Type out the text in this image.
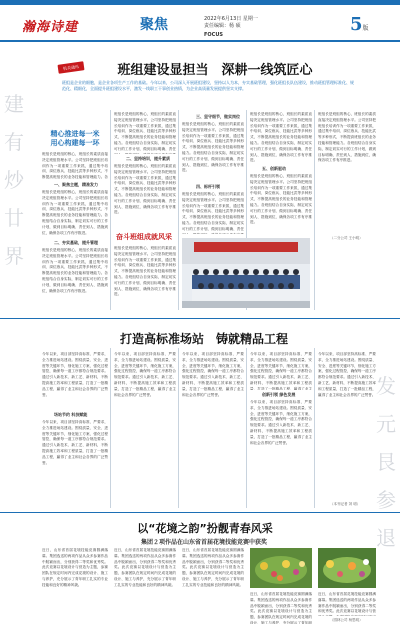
瀚海诗建	聚焦	2022年6月13日 星期一
责任编辑：杨 硕
FOCUS	5版
建
有
炒
廿
界
发
元
艮
参
退
机关通讯	班组建设显担当　深耕一线筑匠心
班组是企业的细胞，是企业各项生产工作的基础。今年以来，公司深入开展班组建设，坚持以人为本，夯实基础管理，强化班组长队伍建设，推动班组管理标准化、规范化、精细化，全面提升班组建设水平，激发一线职工干事创业热情，为企业高质量发展提供坚实支撑。
精心推进每一米
用心构建每一环
班组长是班组的核心，班组长的素质直接决定班组管理水平。公司坚持把班组长培训作为一项重要工作来抓，通过集中培训、岗位练兵、技能比武等多种形式，不断提高班组长的业务技能和管理能力。各
一、聚焦主题，精准发力
班组长是班组的核心，班组长的素质直接决定班组管理水平。公司坚持把班组长培训作为一项重要工作来抓，通过集中培训、岗位练兵、技能比武等多种形式，不断提高班组长的业务技能和管理能力。各班组结合自身实际，制定切实可行的工作计划，做到目标明确、责任到人、措施到位，确保各项工作有序推进。
二、夯实基础，提升管理
班组长是班组的核心，班组长的素质直接决定班组管理水平。公司坚持把班组长培训作为一项重要工作来抓，通过集中培训、岗位练兵、技能比武等多种形式，不断提高班组长的业务技能和管理能力。各班组结合自身实际，制定切实可行的工作计划，做到目标明确、责任到人、措施到位，确保各项工作有序推进。
班组长是班组的核心，班组长的素质直接决定班组管理水平。公司坚持把班组长培训作为一项重要工作来抓，通过集中培训、岗位练兵、技能比武等多种形式，不断提高班组长的业务技能和管理能力。各班组结合自身实际，制定切实可行的工作计划，做到目标明确、责任
二、坚持培训，提升素质
班组长是班组的核心，班组长的素质直接决定班组管理水平。公司坚持把班组长培训作为一项重要工作来抓，通过集中培训、岗位练兵、技能比武等多种形式，不断提高班组长的业务技能和管理能力。各班组结合自身实际，制定切实可行的工作计划，做到目标明确、责任到人、措施到位，确保各项工作有序推进。
奋斗班组成就风采
班组长是班组的核心，班组长的素质直接决定班组管理水平。公司坚持把班组长培训作为一项重要工作来抓，通过集中培训、岗位练兵、技能比武等多种形式，不断提高班组长的业务技能和管理能力。各班组结合自身实际，制定切实可行的工作计划，做到目标明确、责任到人、措施到位，确保各项工作有序推进。
三、坚守细节，做实岗位
班组长是班组的核心，班组长的素质直接决定班组管理水平。公司坚持把班组长培训作为一项重要工作来抓，通过集中培训、岗位练兵、技能比武等多种形式，不断提高班组长的业务技能和管理能力。各班组结合自身实际，制定切实可行的工作计划，做到目标明确、责任到人、措施到位，确保各项工作有序推进。
四、标杆引领
班组长是班组的核心，班组长的素质直接决定班组管理水平。公司坚持把班组长培训作为一项重要工作来抓，通过集中培训、岗位练兵、技能比武等多种形式，不断提高班组长的业务技能和管理能力。各班组结合自身实际，制定切实可行的工作计划，做到目标明确、责任
班组长是班组的核心，班组长的素质直接决定班组管理水平。公司坚持把班组长培训作为一项重要工作来抓，通过集中培训、岗位练兵、技能比武等多种形式，不断提高班组长的业务技能和管理能力。各班组结合自身实际，制定切实可行的工作计划，做到目标明确、责任到人、措施到位，确保各项工作有序推进。
五、创新驱动
班组长是班组的核心，班组长的素质直接决定班组管理水平。公司坚持把班组长培训作为一项重要工作来抓，通过集中培训、岗位练兵、技能比武等多种形式，不断提高班组长的业务技能和管理能力。各班组结合自身实际，制定切实可行的工作计划，做到目标明确、责任到人、措施到位，确保各项工作有序推进。
班组长是班组的核心，班组长的素质直接决定班组管理水平。公司坚持把班组长培训作为一项重要工作来抓，通过集中培训、岗位练兵、技能比武等多种形式，不断提高班组长的业务技能和管理能力。各班组结合自身实际，制定切实可行的工作计划，做到目标明确、责任到人、措施到位，确保各项工作有序推进。
（二分公司 王小明）
打造高标准场站　铸就精品工程
今年以来，项目部坚持高标准、严要求，全力推进场站建设。围绕质量、安全、进度等关键环节，细化施工方案，强化过程管控，确保每一道工序都符合规范要求。通过引入新技术、新工艺、新材料，不断提高施工效率和工程质量，打造了一批精品工程，赢得了业主和社会各界的广泛赞誉。
场站节约 科技赋能
今年以来，项目部坚持高标准、严要求，全力推进场站建设。围绕质量、安全、进度等关键环节，细化施工方案，强化过程管控，确保每一道工序都符合规范要求。通过引入新技术、新工艺、新材料，不断提高施工效率和工程质量，打造了一批精品工程，赢得了业主和社会各界的广泛赞誉。
今年以来，项目部坚持高标准、严要求，全力推进场站建设。围绕质量、安全、进度等关键环节，细化施工方案，强化过程管控，确保每一道工序都符合规范要求。通过引入新技术、新工艺、新材料，不断提高施工效率和工程质量，打造了一批精品工程，赢得了业主和社会各界的广泛赞誉。
今年以来，项目部坚持高标准、严要求，全力推进场站建设。围绕质量、安全、进度等关键环节，细化施工方案，强化过程管控，确保每一道工序都符合规范要求。通过引入新技术、新工艺、新材料，不断提高施工效率和工程质量，打造了一批精品工程，赢得了业主和社会各界的广泛赞誉。
今年以来，项目部坚持高标准、严要求，全力推进场站建设。围绕质量、安全、进度等关键环节，细化施工方案，强化过程管控，确保每一道工序都符合规范要求。通过引入新技术、新工艺、新材料，不断提高施工效率和工程质量，打造了一批精品工程，赢得了业主
创新引领 绿色发展
今年以来，项目部坚持高标准、严要求，全力推进场站建设。围绕质量、安全、进度等关键环节，细化施工方案，强化过程管控，确保每一道工序都符合规范要求。通过引入新技术、新工艺、新材料，不断提高施工效率和工程质量，打造了一批精品工程，赢得了业主和社会各界的广泛赞誉。
今年以来，项目部坚持高标准、严要求，全力推进场站建设。围绕质量、安全、进度等关键环节，细化施工方案，强化过程管控，确保每一道工序都符合规范要求。通过引入新技术、新工艺、新材料，不断提高施工效率和工程质量，打造了一批精品工程，赢得了业主和社会各界的广泛赞誉。
（本刊记者 刘 明）
以“花境之韵”扮靓青春风采
集团２项作品在山东省首届花境技能竞赛中获奖
近日，山东省首届花境技能竞赛圆满落幕。集团选送的两项作品从众多参赛作品中脱颖而出，分别获得二等奖和优秀奖。此次竞赛以花境设计与营造为主题，参赛团队在规定时间内完成花境的设计、施工与养护，充分展示了青年职工扎实的专业技能和良好的精神风貌。
近日，山东省首届花境技能竞赛圆满落幕。集团选送的两项作品从众多参赛作品中脱颖而出，分别获得二等奖和优秀奖。此次竞赛以花境设计与营造为主题，参赛团队在规定时间内完成花境的设计、施工与养护，充分展示了青年职工扎实的专业技能和良好的精神风貌。
近日，山东省首届花境技能竞赛圆满落幕。集团选送的两项作品从众多参赛作品中脱颖而出，分别获得二等奖和优秀奖。此次竞赛以花境设计与营造为主题，参赛团队在规定时间内完成花境的设计、施工与养护，充分展示了青年职工扎实的专业技能和良好的精神风貌。
近日，山东省首届花境技能竞赛圆满落幕。集团选送的两项作品从众多参赛作品中脱颖而出，分别获得二等奖和优秀奖。此次竞赛以花境设计与营造为主题，参赛团队在规定时间内完成花境的设计、施工与养护，充分展示了青年职
近日，山东省首届花境技能竞赛圆满落幕。集团选送的两项作品从众多参赛作品中脱颖而出，分别获得二等奖和优秀奖。此次竞赛以花境设计与营
（园林公司 杨思明）
